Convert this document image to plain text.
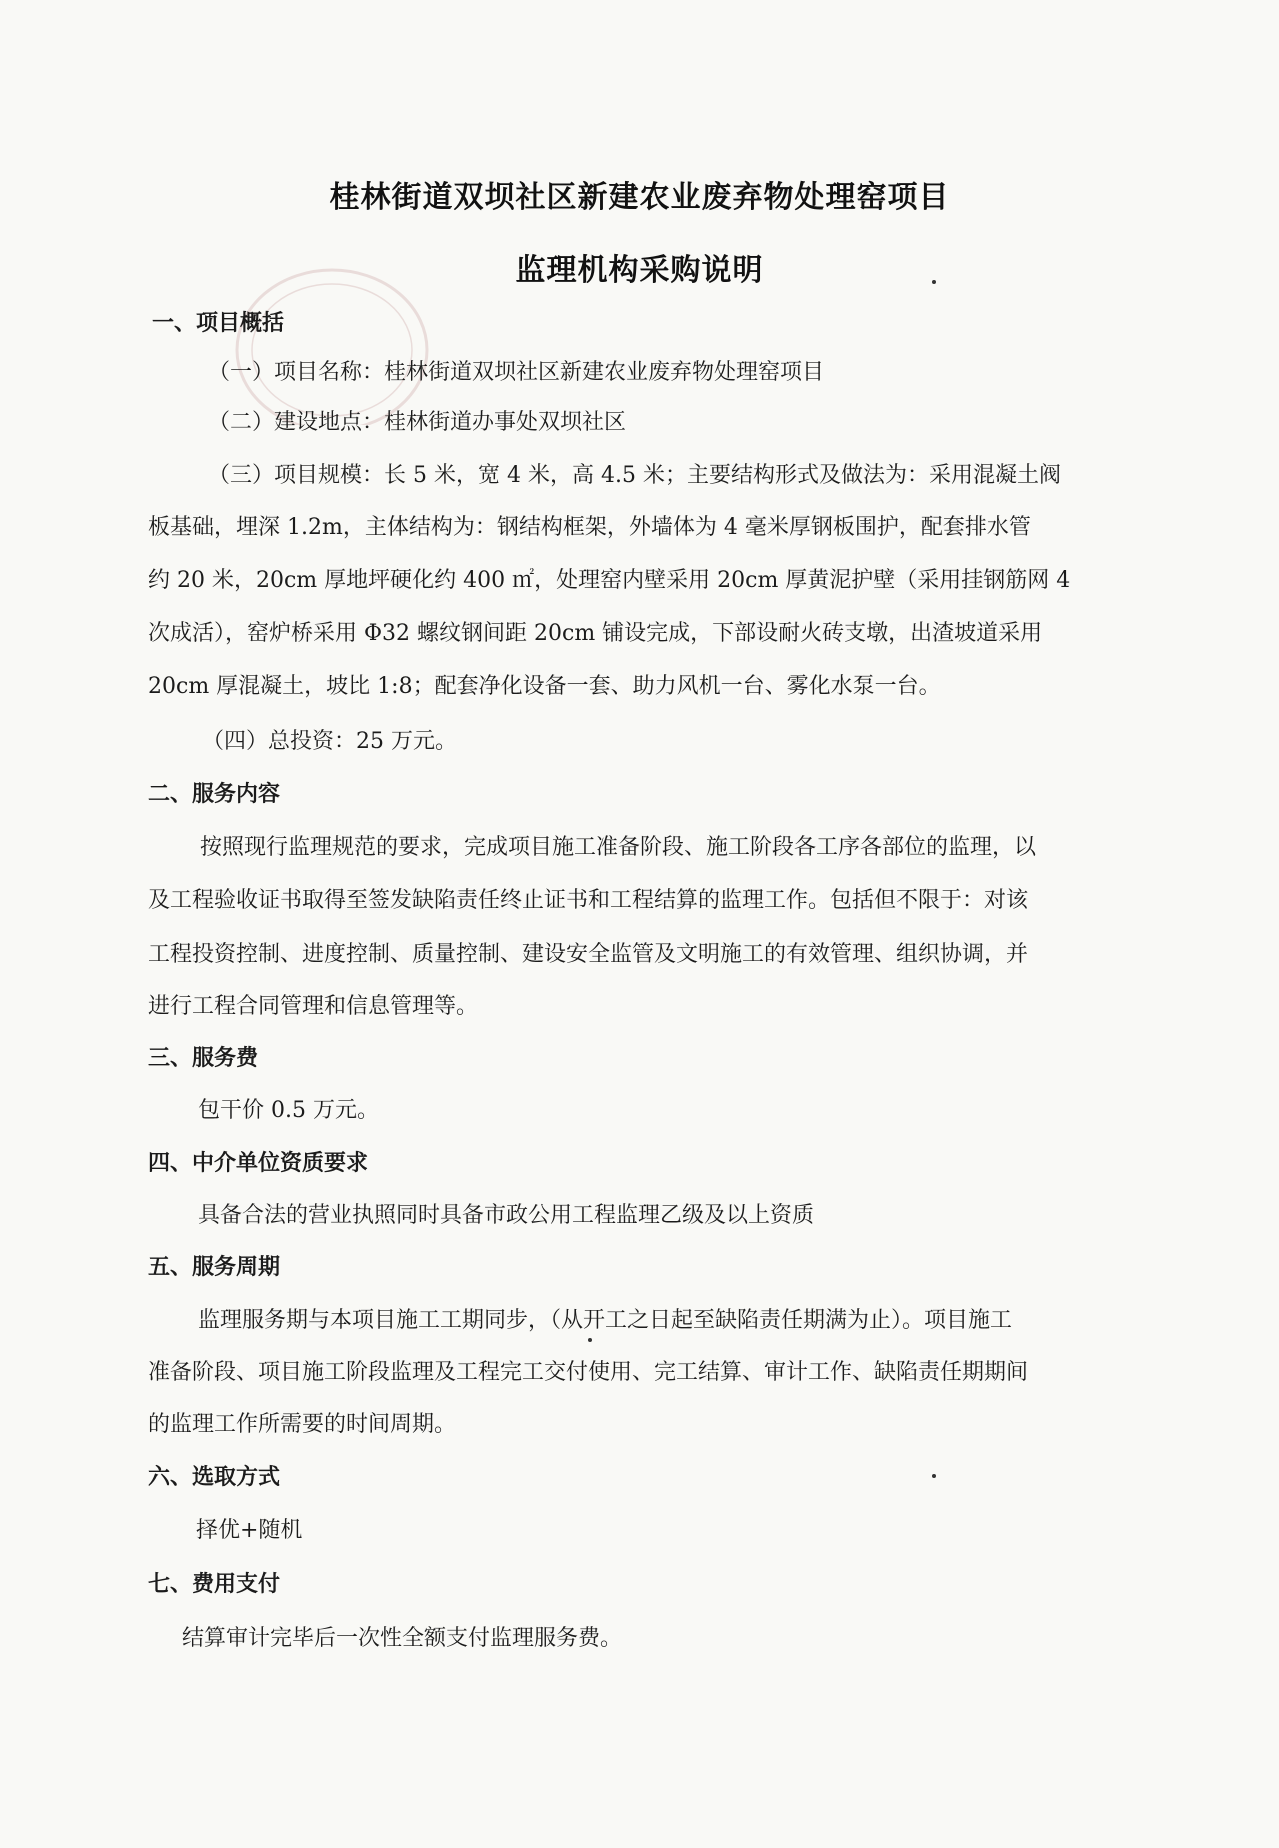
桂林街道双坝社区新建农业废弃物处理窑项目
监理机构采购说明
一、项目概括
（一）项目名称：桂林街道双坝社区新建农业废弃物处理窑项目
（二）建设地点：桂林街道办事处双坝社区
（三）项目规模：长 5 米，宽 4 米，高 4.5 米；主要结构形式及做法为：采用混凝土阀
板基础，埋深 1.2m，主体结构为：钢结构框架，外墙体为 4 毫米厚钢板围护，配套排水管
约 20 米，20cm 厚地坪硬化约 400 ㎡，处理窑内壁采用 20cm 厚黄泥护壁（采用挂钢筋网 4
次成活），窑炉桥采用 Φ32 螺纹钢间距 20cm 铺设完成，下部设耐火砖支墩，出渣坡道采用
20cm 厚混凝土，坡比 1:8；配套净化设备一套、助力风机一台、雾化水泵一台。
（四）总投资：25 万元。
二、服务内容
按照现行监理规范的要求，完成项目施工准备阶段、施工阶段各工序各部位的监理，以
及工程验收证书取得至签发缺陷责任终止证书和工程结算的监理工作。包括但不限于：对该
工程投资控制、进度控制、质量控制、建设安全监管及文明施工的有效管理、组织协调，并
进行工程合同管理和信息管理等。
三、服务费
包干价 0.5 万元。
四、中介单位资质要求
具备合法的营业执照同时具备市政公用工程监理乙级及以上资质
五、服务周期
监理服务期与本项目施工工期同步，（从开工之日起至缺陷责任期满为止）。项目施工
准备阶段、项目施工阶段监理及工程完工交付使用、完工结算、审计工作、缺陷责任期期间
的监理工作所需要的时间周期。
六、选取方式
择优+随机
七、费用支付
结算审计完毕后一次性全额支付监理服务费。
